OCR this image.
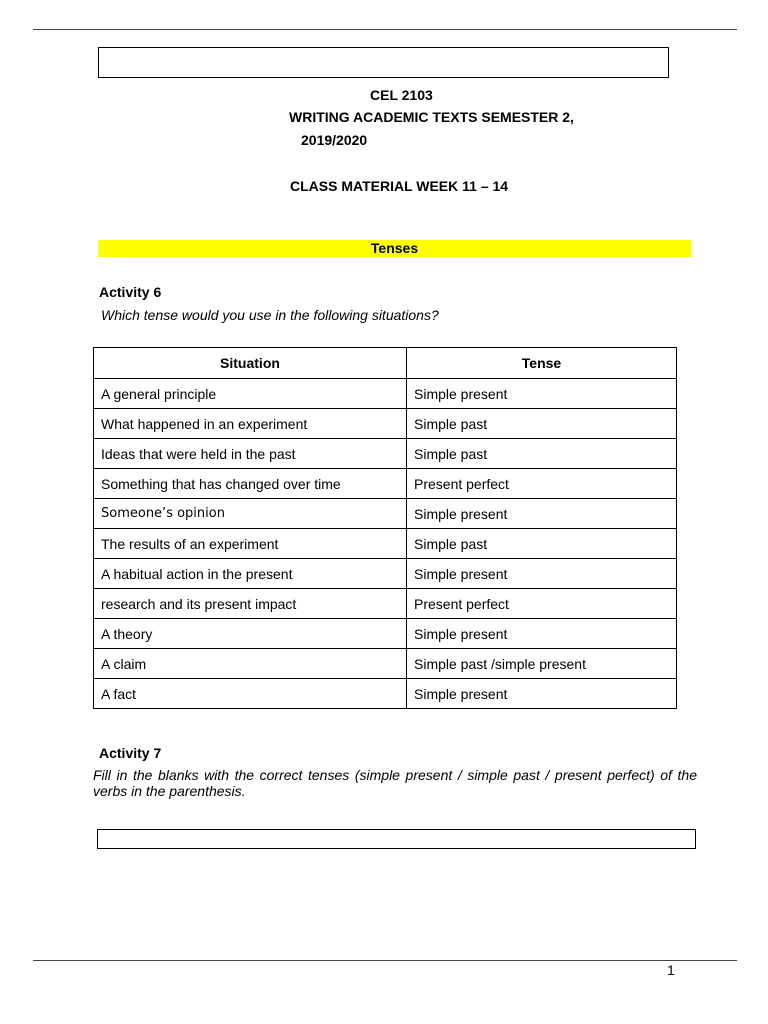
CEL 2103
WRITING ACADEMIC TEXTS SEMESTER 2,
2019/2020
CLASS MATERIAL WEEK 11 – 14
Tenses
Activity 6
Which tense would you use in the following situations?
Situation	Tense
A general principle	Simple present
What happened in an experiment	Simple past
Ideas that were held in the past	Simple past
Something that has changed over time	Present perfect
Someone’s opinion	Simple present
The results of an experiment	Simple past
A habitual action in the present	Simple present
research and its present impact	Present perfect
A theory	Simple present
A claim	Simple past /simple present
A fact	Simple present
Activity 7
Fill in the blanks with the correct tenses (simple present / simple past / present perfect) of the verbs in the parenthesis.
1
